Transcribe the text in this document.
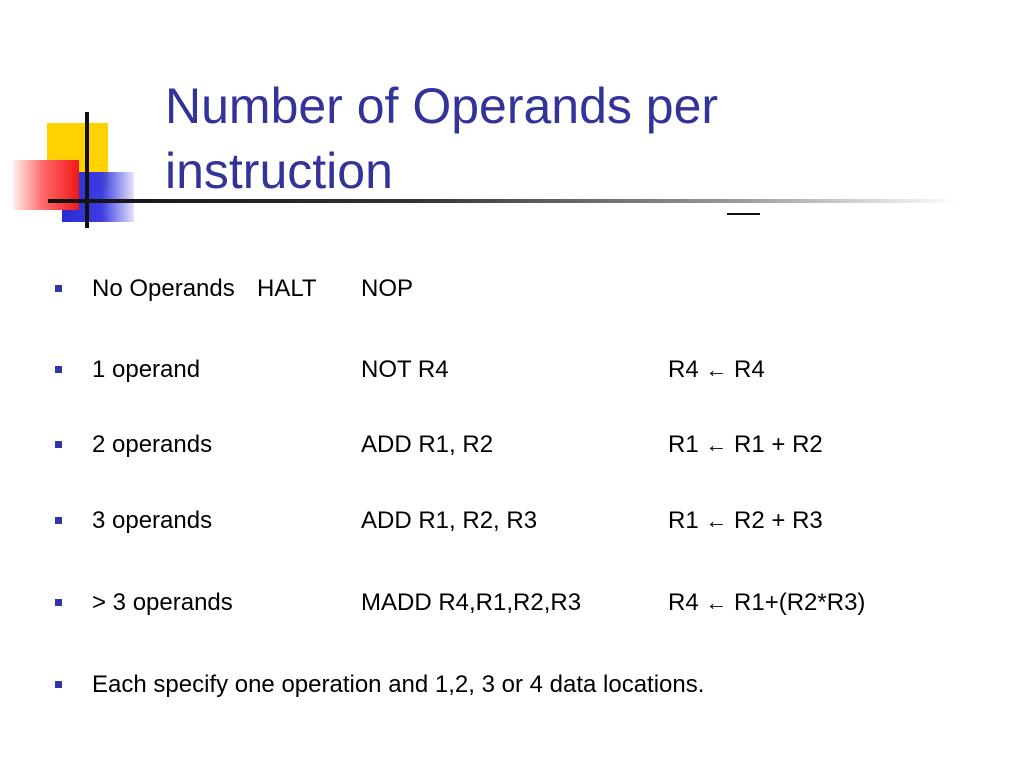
Number of Operands per instruction
No Operands HALT NOP
1 operand	NOT R4	R4 ← R4
2 operands	ADD R1, R2	R1 ← R1 + R2
3 operands	ADD R1, R2, R3	R1 ← R2 + R3
> 3 operands	MADD R4,R1,R2,R3	R4 ← R1+(R2*R3)
Each specify one operation and 1,2, 3 or 4 data locations.
